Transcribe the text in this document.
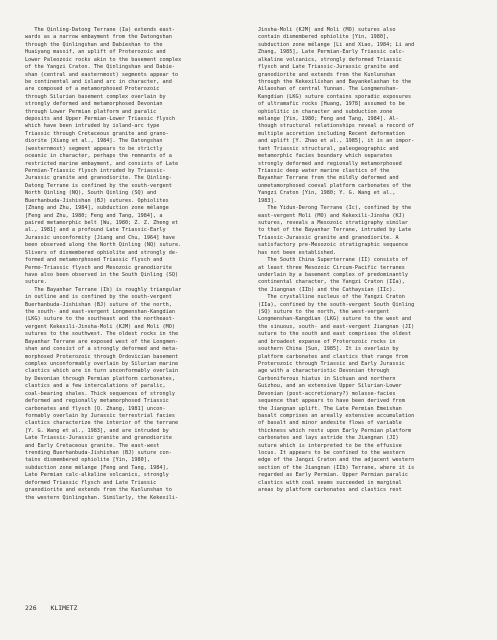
The Qinling-Datong Terrane (Ia) extends east-
wards as a narrow embayment from the Datongshan
through the Qinlingshan and Dabieshan to the
Huaiyang massif, an uplift of Proterozoic and
Lower Paleozoic rocks akin to the basement complex
of the Yangzi Craton. The Qinlingshan and Dabie-
shan (central and easternmost) segments appear to
be continental and island arc in character, and
are composed of a metamorphosed Proterozoic
through Silurian basement complex overlain by
strongly deformed and metamorphosed Devonian
through Lower Permian platform and paralic
deposits and Upper Permian-Lower Triassic flysch
which have been intruded by island-arc type
Triassic through Cretaceous granite and grano-
diorite [Xiang et al., 1984]. The Datongshan
(westernmost) segment appears to be strictly
oceanic in character, perhaps the remnants of a
restricted marine embayment, and consists of Late
Permian-Triassic flysch intruded by Triassic-
Jurassic granite and granodiorite. The Qinling-
Datong Terrane is confined by the south-vergent
North Qinling (NQ), South Qinling (SQ) and
Buerhanbuda-Jishishan (BJ) sutures. Ophiolites
[Zhang and Zhu, 1984], subduction zone mélange
[Feng and Zhu, 1980; Feng and Tang, 1984], a
paired metamorphic belt [Wu, 1980; Z. Z. Zheng et
al., 1981] and a profound Late Triassic-Early
Jurassic unconformity [Jiang and Chu, 1964] have
been observed along the North Qinling (NQ) suture.
Slivers of dismembered ophiolite and strongly de-
formed and metamorphosed Triassic flysch and
Permo-Triassic flysch and Mesozoic granodiorite
have also been observed in the South Qinling (SQ)
suture.
The Bayanhar Terrane (Ib) is roughly triangular
in outline and is confined by the south-vergent
Buerhanbuda-Jishishan (BJ) suture of the north,
the south- and east-vergent Longmenshan-Kangdian
(LKG) suture to the southeast and the northeast-
vergent Kekexili-Jinsha-Moli (KJM) and Moli (MO)
sutures to the southwest. The oldest rocks in the
Bayanhar Terrane are exposed west of the Longmen-
shan and consist of a strongly deformed and meta-
morphosed Proterozoic through Ordovician basement
complex unconformably overlain by Silurian marine
clastics which are in turn unconformably overlain
by Devonian through Permian platform carbonates,
clastics and a few intercalations of paralic,
coal-bearing shales. Thick sequences of strongly
deformed and regionally metamorphosed Triassic
carbonates and flysch [Q. Zhang, 1981] uncon-
formably overlain by Jurassic terrestrial facies
clastics characterize the interior of the terrane
[Y. G. Wang et al., 1983], and are intruded by
Late Triassic-Jurassic granite and granodiorite
and Early Cretaceous granite. The east-west
trending Buerhanbuda-Jishishan (BJ) suture con-
tains dismembered ophiolite [Yin, 1980],
subduction zone mélange [Feng and Tang, 1984],
Late Permian calc-alkaline volcanics, strongly
deformed Triassic flysch and Late Triassic
granodiorite and extends from the Kunlunshan to
the western Qinlingshan. Similarly, the Kekexili-
Jinsha-Moli (KJM) and Moli (MO) sutures also
contain dismembered ophiolite [Yin, 1980],
subduction zone mélange [Li and Xiao, 1984; Li and
Zhang, 1985], Late Permian-Early Triassic calc-
alkaline volcanics, strongly deformed Triassic
flysch and Late Triassic-Jurassic granite and
granodiorite and extends from the Kunlunshan
through the Kekexilishan and Bayankelashan to the
Ailaoshan of central Yunnan. The Longmenshan-
Kangdian (LKG) suture contains sporadic exposures
of ultramafic rocks [Huang, 1978] assumed to be
ophiolitic in character and subduction zone
mélange [Yin, 1980; Feng and Tang, 1984]. Al-
though structural relationships reveal a record of
multiple accretion including Recent deformation
and uplift [Y. Zhao et al., 1985], it is an impor-
tant Triassic structural, paleogeographic and
metamorphic facies boundary which separates
strongly deformed and regionally metamorphosed
Triassic deep water marine clastics of the
Bayanhar Terrane from the mildly deformed and
unmetamorphosed coeval platform carbonates of the
Yangzi Craton [Yin, 1980; Y. G. Wang et al.,
1983].
The Yidun-Derong Terrane (Ic), confined by the
east-vergent Moli (MO) and Kekexili-Jinsha (KJ)
sutures, reveals a Mesozoic stratigraphy similar
to that of the Bayanhar Terrane, intruded by Late
Triassic-Jurassic granite and granodiorite. A
satisfactory pre-Mesozoic stratigraphic sequence
has not been established.
The South China Superterrane (II) consists of
at least three Mesozoic Circum-Pacific terranes
underlain by a basement complex of predominantly
continental character, the Yangzi Craton (IIa),
the Jiangnan (IIb) and the Cathaysian (IIc).
The crystalline nucleus of the Yangzi Craton
(IIa), confined by the south-vergent South Qinling
(SQ) suture to the north, the west-vergent
Longmenshan-Kangdian (LKG) suture to the west and
the sinuous, south- and east-vergent Jiangnan (JI)
suture to the south and east comprises the oldest
and broadest expanse of Proterozoic rocks in
southern China [Sun, 1985]. It is overlain by
platform carbonates and clastics that range from
Proterozoic through Triassic and Early Jurassic
age with a characteristic Devonian through
Carboniferous hiatus in Sichuan and northern
Guizhou, and an extensive Upper Silurian-Lower
Devonian (post-accretionary?) molasse-facies
sequence that appears to have been derived from
the Jiangnan uplift. The Late Permian Emeishan
basalt comprises an areally extensive accumulation
of basalt and minor andesite flows of variable
thickness which rests upon Early Permian platform
carbonates and lays astride the Jiangnan (JI)
suture which is interpreted to be the effusive
locus. It appears to be confined to the western
edge of the Jangzi Craton and the adjacent western
section of the Jiangnan (IIb) Terrane, where it is
regarded as Early Permian. Upper Permian paralic
clastics with coal seams succeeded in marginal
areas by platform carbonates and clastics rest
226 KLIMETZ
